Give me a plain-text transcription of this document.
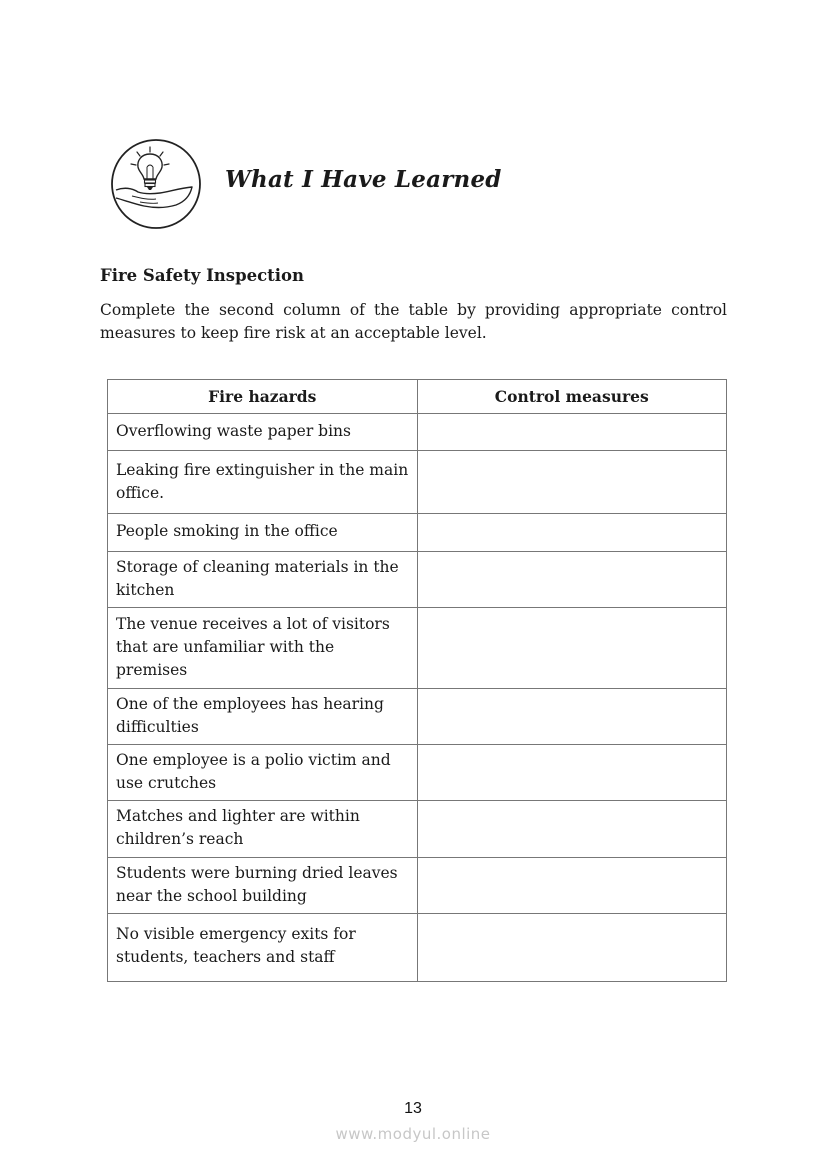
What I Have Learned
Fire Safety Inspection
Complete the second column of the table by providing appropriate control measures to keep fire risk at an acceptable level.
Fire hazards	Control measures
Overflowing waste paper bins	
Leaking fire extinguisher in the main office.	
People smoking in the office	
Storage of cleaning materials in the kitchen	
The venue receives a lot of visitors that are unfamiliar with the premises	
One of the employees has hearing difficulties	
One employee is a polio victim and use crutches	
Matches and lighter are within children’s reach	
Students were burning dried leaves near the school building	
No visible emergency exits for students, teachers and staff	
13
www.modyul.online
